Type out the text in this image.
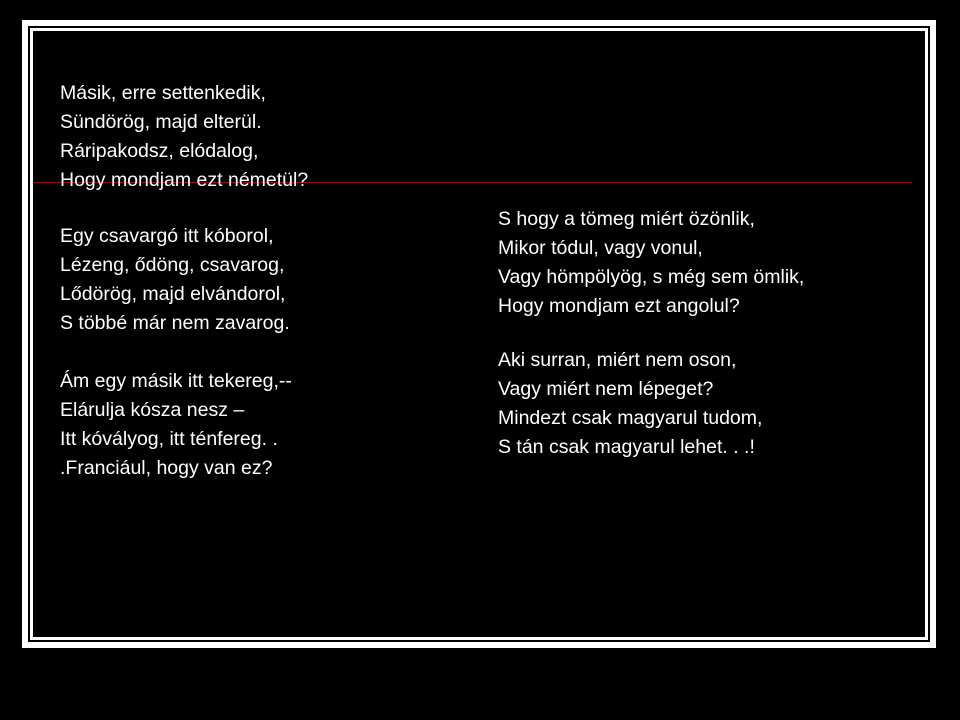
Másik, erre settenkedik,
Sündörög, majd elterül.
Ráripakodsz, elódalog,
Hogy mondjam ezt németül?
Egy csavargó itt kóborol,
Lézeng, ődöng, csavarog,
Lődörög, majd elvándorol,
S többé már nem zavarog.
Ám egy másik itt tekereg,--
Elárulja kósza nesz –
Itt kóvályog, itt ténfereg. .
.Franciául, hogy van ez?
S hogy a tömeg miért özönlik,
Mikor tódul, vagy vonul,
Vagy hömpölyög, s még sem ömlik,
Hogy mondjam ezt angolul?
Aki surran, miért nem oson,
Vagy miért nem lépeget?
Mindezt csak magyarul tudom,
S tán csak magyarul lehet. . .!
